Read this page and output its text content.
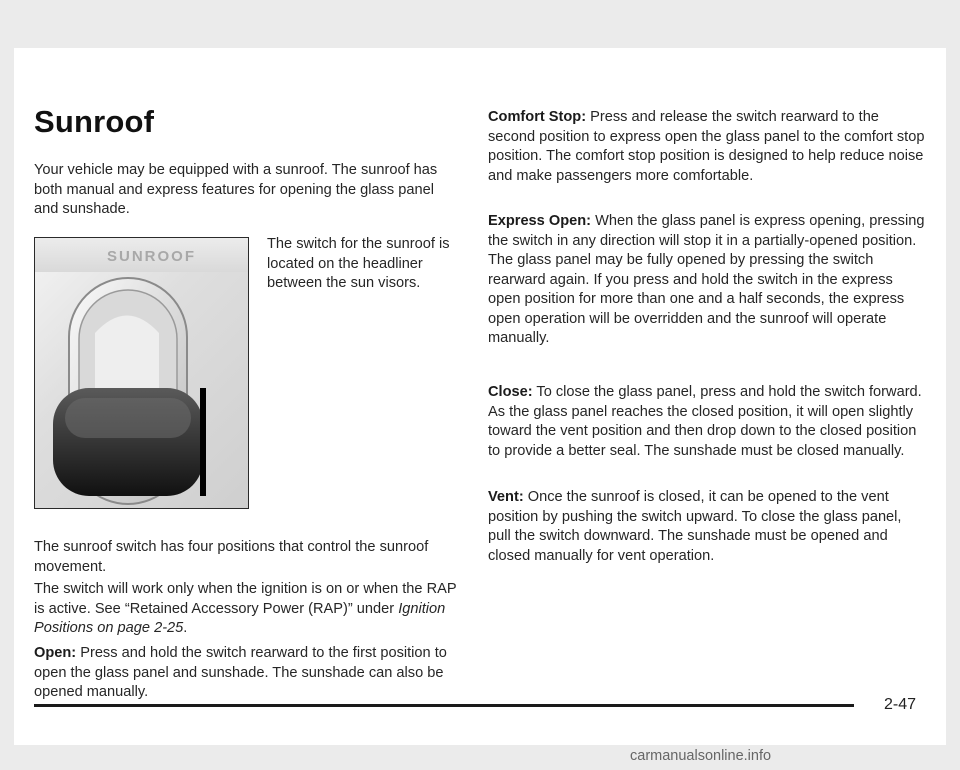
Sunroof

Your vehicle may be equipped with a sunroof. The sunroof has both manual and express features for opening the glass panel and sunshade.

SUNROOF

The switch for the sunroof is located on the headliner between the sun visors.

The sunroof switch has four positions that control the sunroof movement.

The switch will work only when the ignition is on or when the RAP is active. See “Retained Accessory Power (RAP)” under Ignition Positions on page 2-25.

Open: Press and hold the switch rearward to the first position to open the glass panel and sunshade. The sunshade can also be opened manually.

Comfort Stop: Press and release the switch rearward to the second position to express open the glass panel to the comfort stop position. The comfort stop position is designed to help reduce noise and make passengers more comfortable.

Express Open: When the glass panel is express opening, pressing the switch in any direction will stop it in a partially-opened position. The glass panel may be fully opened by pressing the switch rearward again. If you press and hold the switch in the express open position for more than one and a half seconds, the express open operation will be overridden and the sunroof will operate manually.

Close: To close the glass panel, press and hold the switch forward. As the glass panel reaches the closed position, it will open slightly toward the vent position and then drop down to the closed position to provide a better seal. The sunshade must be closed manually.

Vent: Once the sunroof is closed, it can be opened to the vent position by pushing the switch upward. To close the glass panel, pull the switch downward. The sunshade must be opened and closed manually for vent operation.

2-47
carmanualsonline.info
